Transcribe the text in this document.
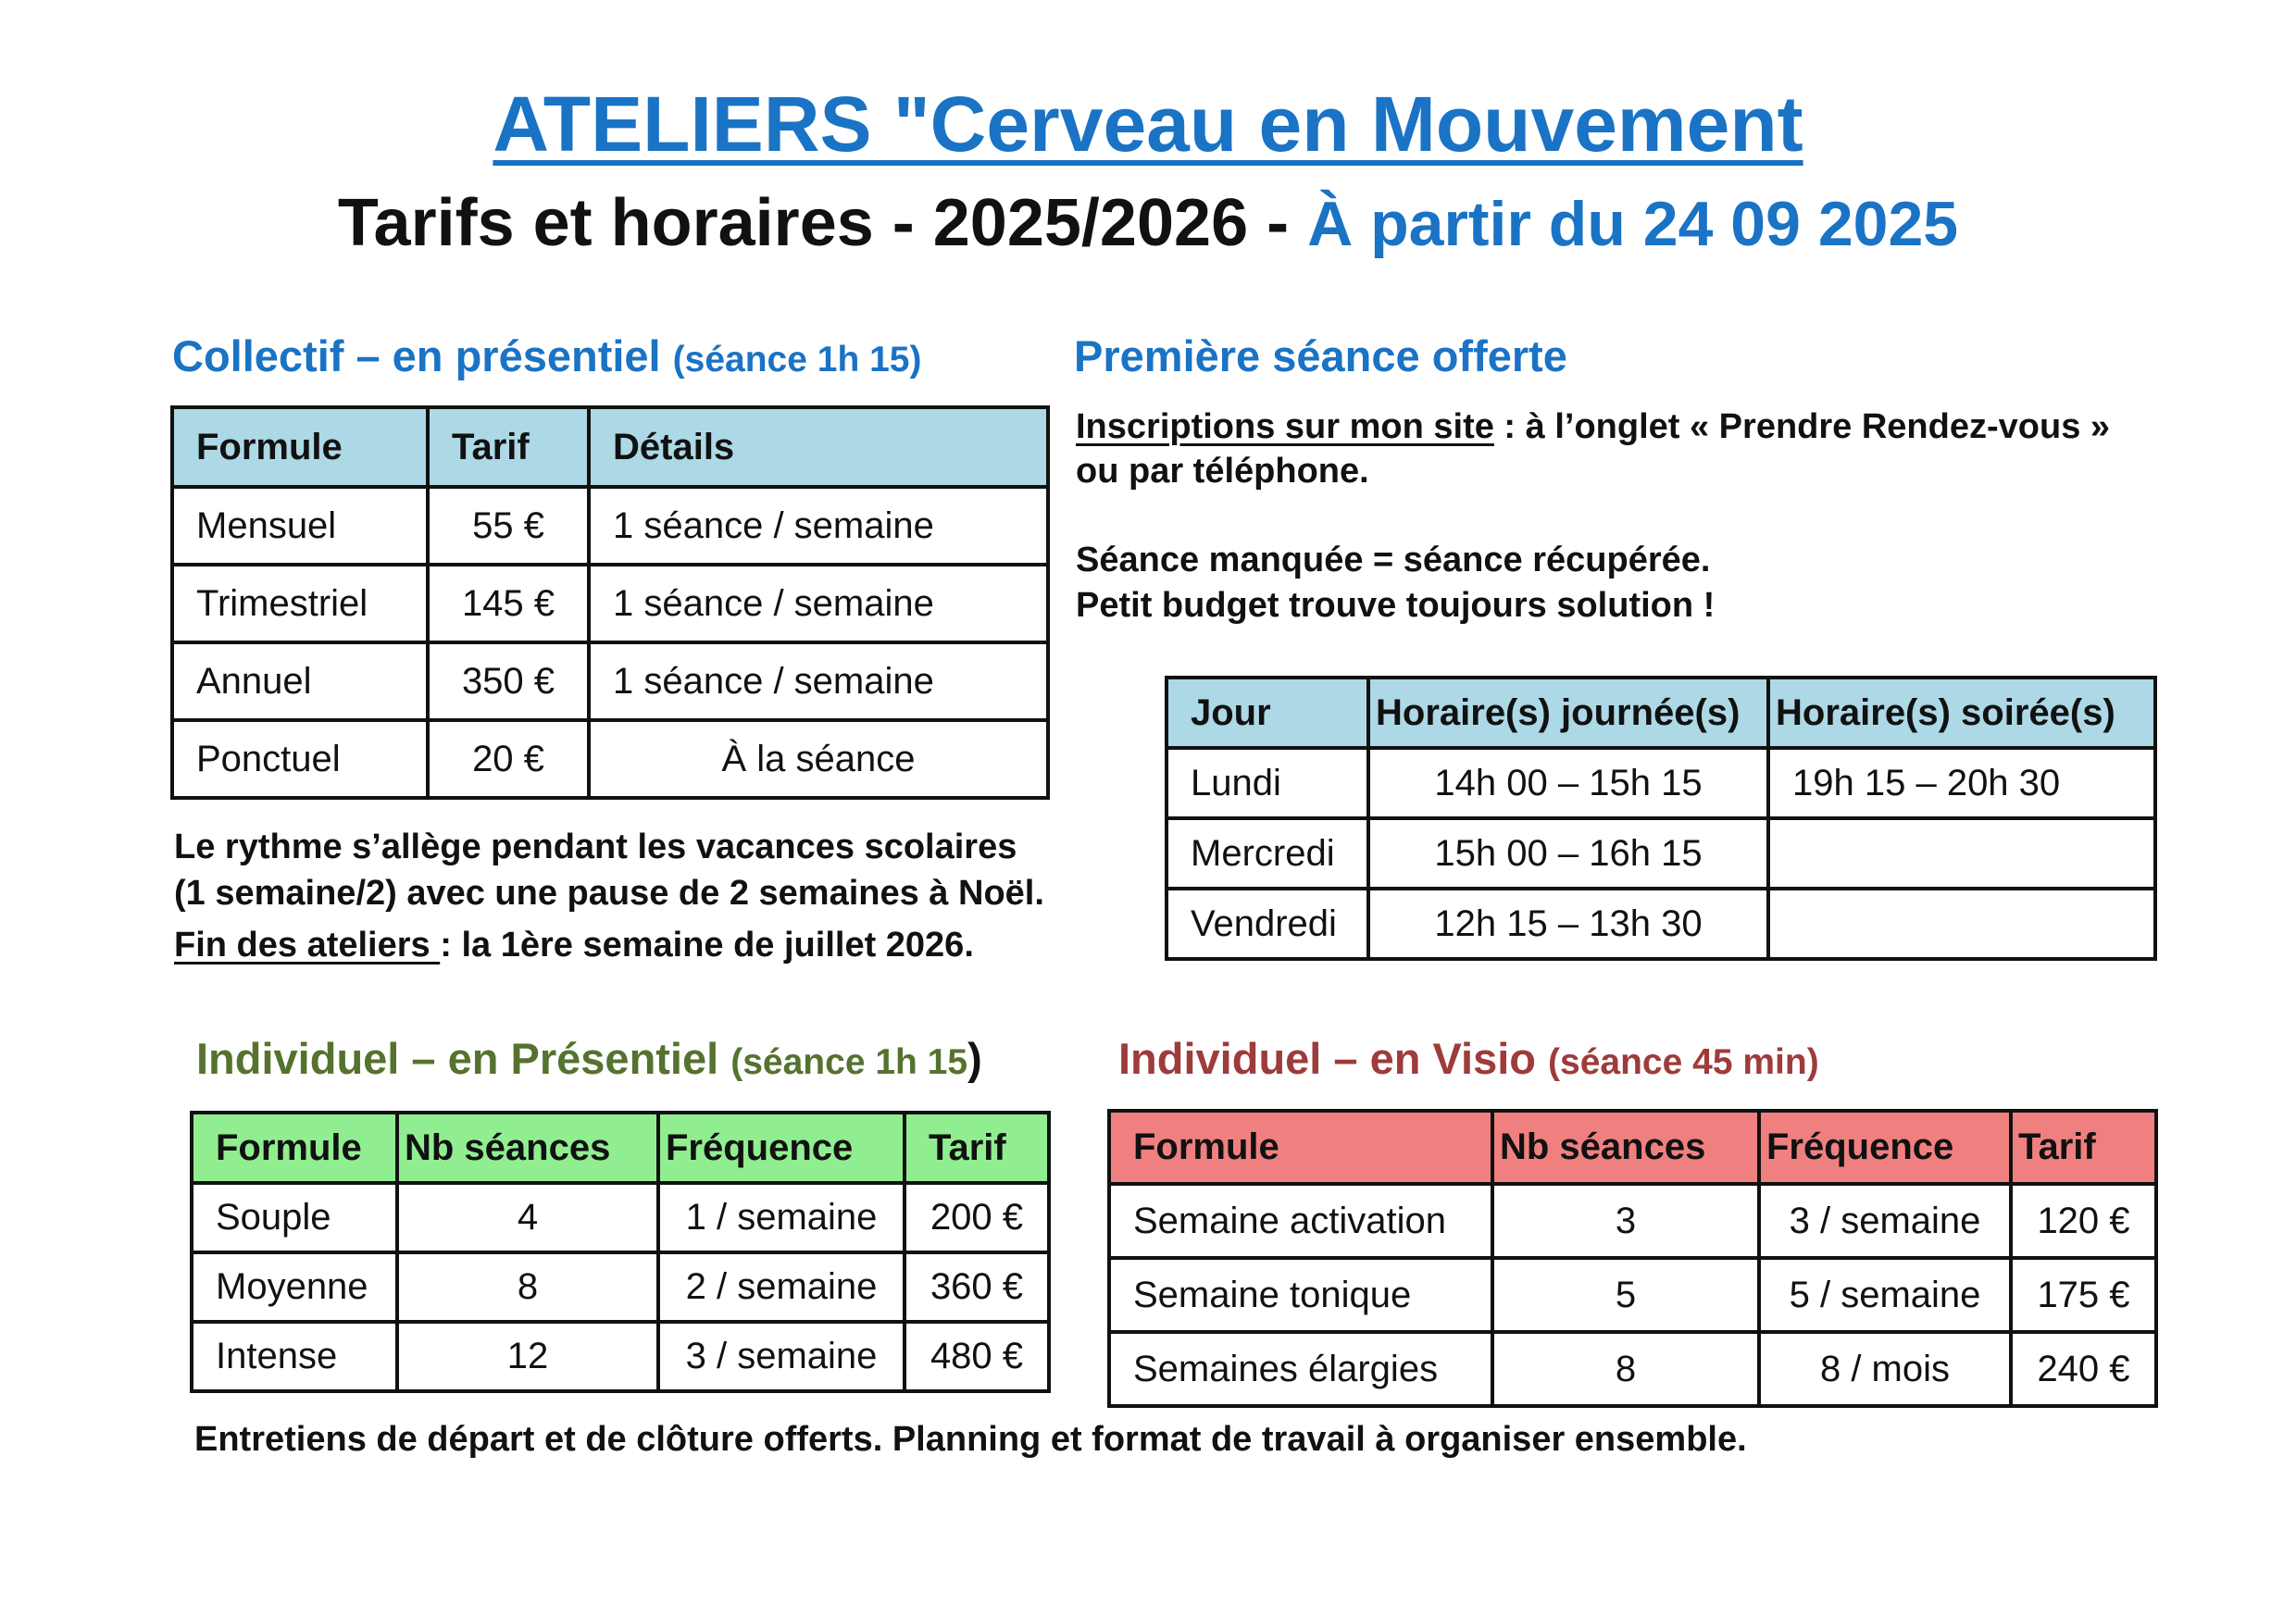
ATELIERS "Cerveau en Mouvement
Tarifs et horaires - 2025/2026 - À partir du 24 09 2025
Collectif – en présentiel (séance 1h 15)
Formule	Tarif	Détails
Mensuel	55 €	1 séance / semaine
Trimestriel	145 €	1 séance / semaine
Annuel	350 €	1 séance / semaine
Ponctuel	20 €	À la séance
Le rythme s’allège pendant les vacances scolaires
(1 semaine/2) avec une pause de 2 semaines à Noël.
Fin des ateliers : la 1ère semaine de juillet 2026.
Première séance offerte
Inscriptions sur mon site : à l’onglet « Prendre Rendez-vous »
ou par téléphone.
Séance manquée = séance récupérée.
Petit budget trouve toujours solution !
Jour	Horaire(s) journée(s)	Horaire(s) soirée(s)
Lundi	14h 00 – 15h 15	19h 15 – 20h 30
Mercredi	15h 00 – 16h 15	
Vendredi	12h 15 – 13h 30	
Individuel – en Présentiel (séance 1h 15)
Formule	Nb séances	Fréquence	Tarif
Souple	4	1 / semaine	200 €
Moyenne	8	2 / semaine	360 €
Intense	12	3 / semaine	480 €
Individuel – en Visio (séance 45 min)
Formule	Nb séances	Fréquence	Tarif
Semaine activation	3	3 / semaine	120 €
Semaine tonique	5	5 / semaine	175 €
Semaines élargies	8	8 / mois	240 €
Entretiens de départ et de clôture offerts. Planning et format de travail à organiser ensemble.
